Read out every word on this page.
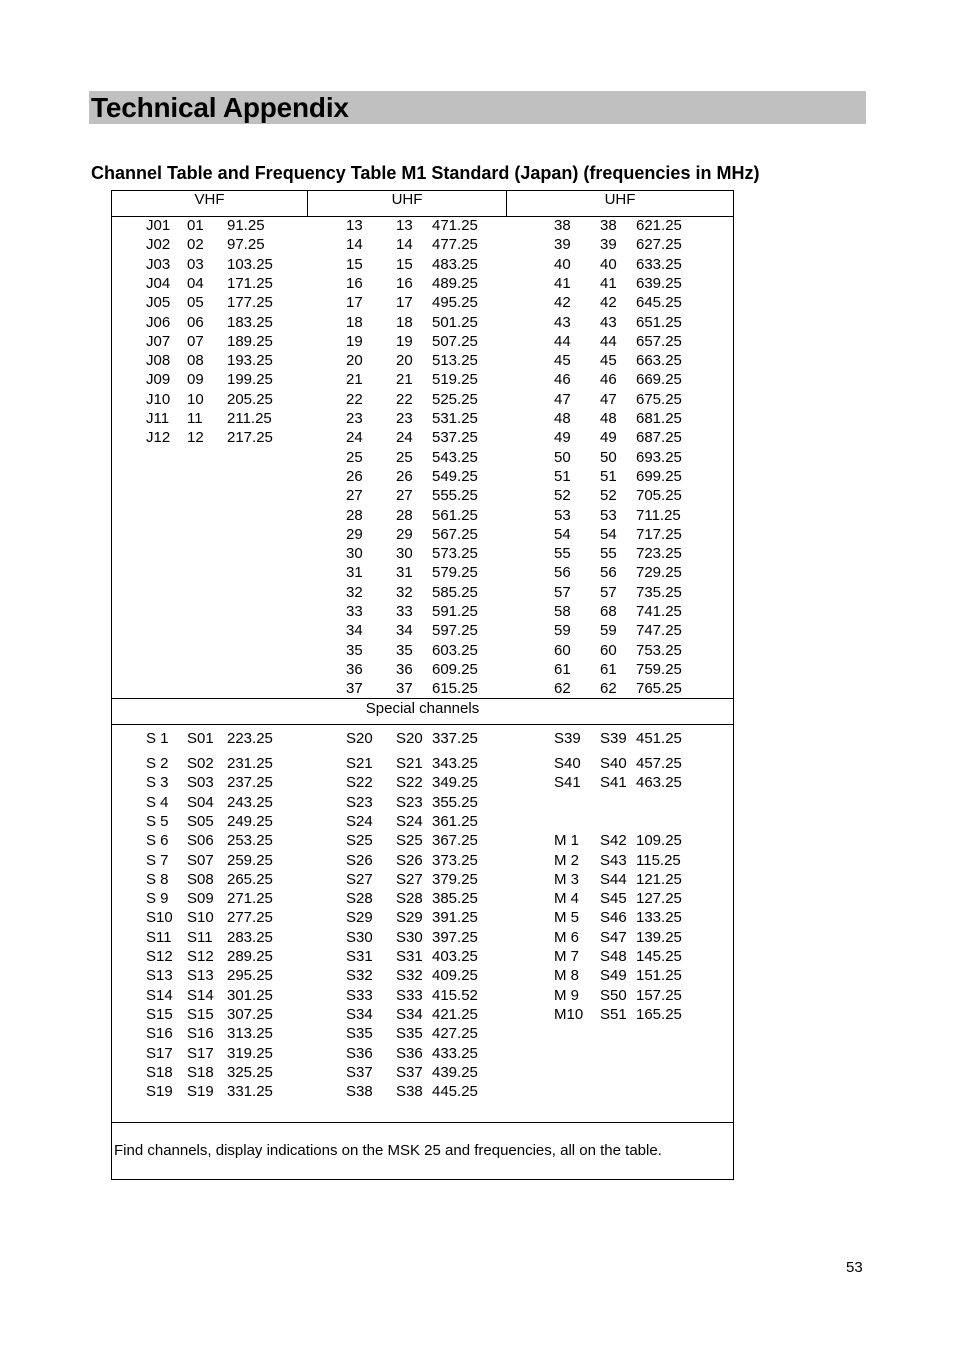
Technical Appendix
Channel Table and Frequency Table M1 Standard (Japan) (frequencies in MHz)
VHF	UHF	UHF
Special channels
Find channels, display indications on the MSK 25 and frequencies, all on the table.
J01 01 91.25
J02 02 97.25
J03 03 103.25
J04 04 171.25
J05 05 177.25
J06 06 183.25
J07 07 189.25
J08 08 193.25
J09 09 199.25
J10 10 205.25
J11 11 211.25
J12 12 217.25
13 13 471.25
14 14 477.25
15 15 483.25
16 16 489.25
17 17 495.25
18 18 501.25
19 19 507.25
20 20 513.25
21 21 519.25
22 22 525.25
23 23 531.25
24 24 537.25
25 25 543.25
26 26 549.25
27 27 555.25
28 28 561.25
29 29 567.25
30 30 573.25
31 31 579.25
32 32 585.25
33 33 591.25
34 34 597.25
35 35 603.25
36 36 609.25
37 37 615.25
38 38 621.25
39 39 627.25
40 40 633.25
41 41 639.25
42 42 645.25
43 43 651.25
44 44 657.25
45 45 663.25
46 46 669.25
47 47 675.25
48 48 681.25
49 49 687.25
50 50 693.25
51 51 699.25
52 52 705.25
53 53 711.25
54 54 717.25
55 55 723.25
56 56 729.25
57 57 735.25
58 68 741.25
59 59 747.25
60 60 753.25
61 61 759.25
62 62 765.25
S 1 S01 223.25
S 2 S02 231.25
S 3 S03 237.25
S 4 S04 243.25
S 5 S05 249.25
S 6 S06 253.25
S 7 S07 259.25
S 8 S08 265.25
S 9 S09 271.25
S10 S10 277.25
S11 S11 283.25
S12 S12 289.25
S13 S13 295.25
S14 S14 301.25
S15 S15 307.25
S16 S16 313.25
S17 S17 319.25
S18 S18 325.25
S19 S19 331.25
S20 S20 337.25
S21 S21 343.25
S22 S22 349.25
S23 S23 355.25
S24 S24 361.25
S25 S25 367.25
S26 S26 373.25
S27 S27 379.25
S28 S28 385.25
S29 S29 391.25
S30 S30 397.25
S31 S31 403.25
S32 S32 409.25
S33 S33 415.52
S34 S34 421.25
S35 S35 427.25
S36 S36 433.25
S37 S37 439.25
S38 S38 445.25
S39 S39 451.25
S40 S40 457.25
S41 S41 463.25
M 1 S42 109.25
M 2 S43 115.25
M 3 S44 121.25
M 4 S45 127.25
M 5 S46 133.25
M 6 S47 139.25
M 7 S48 145.25
M 8 S49 151.25
M 9 S50 157.25
M10 S51 165.25
53
